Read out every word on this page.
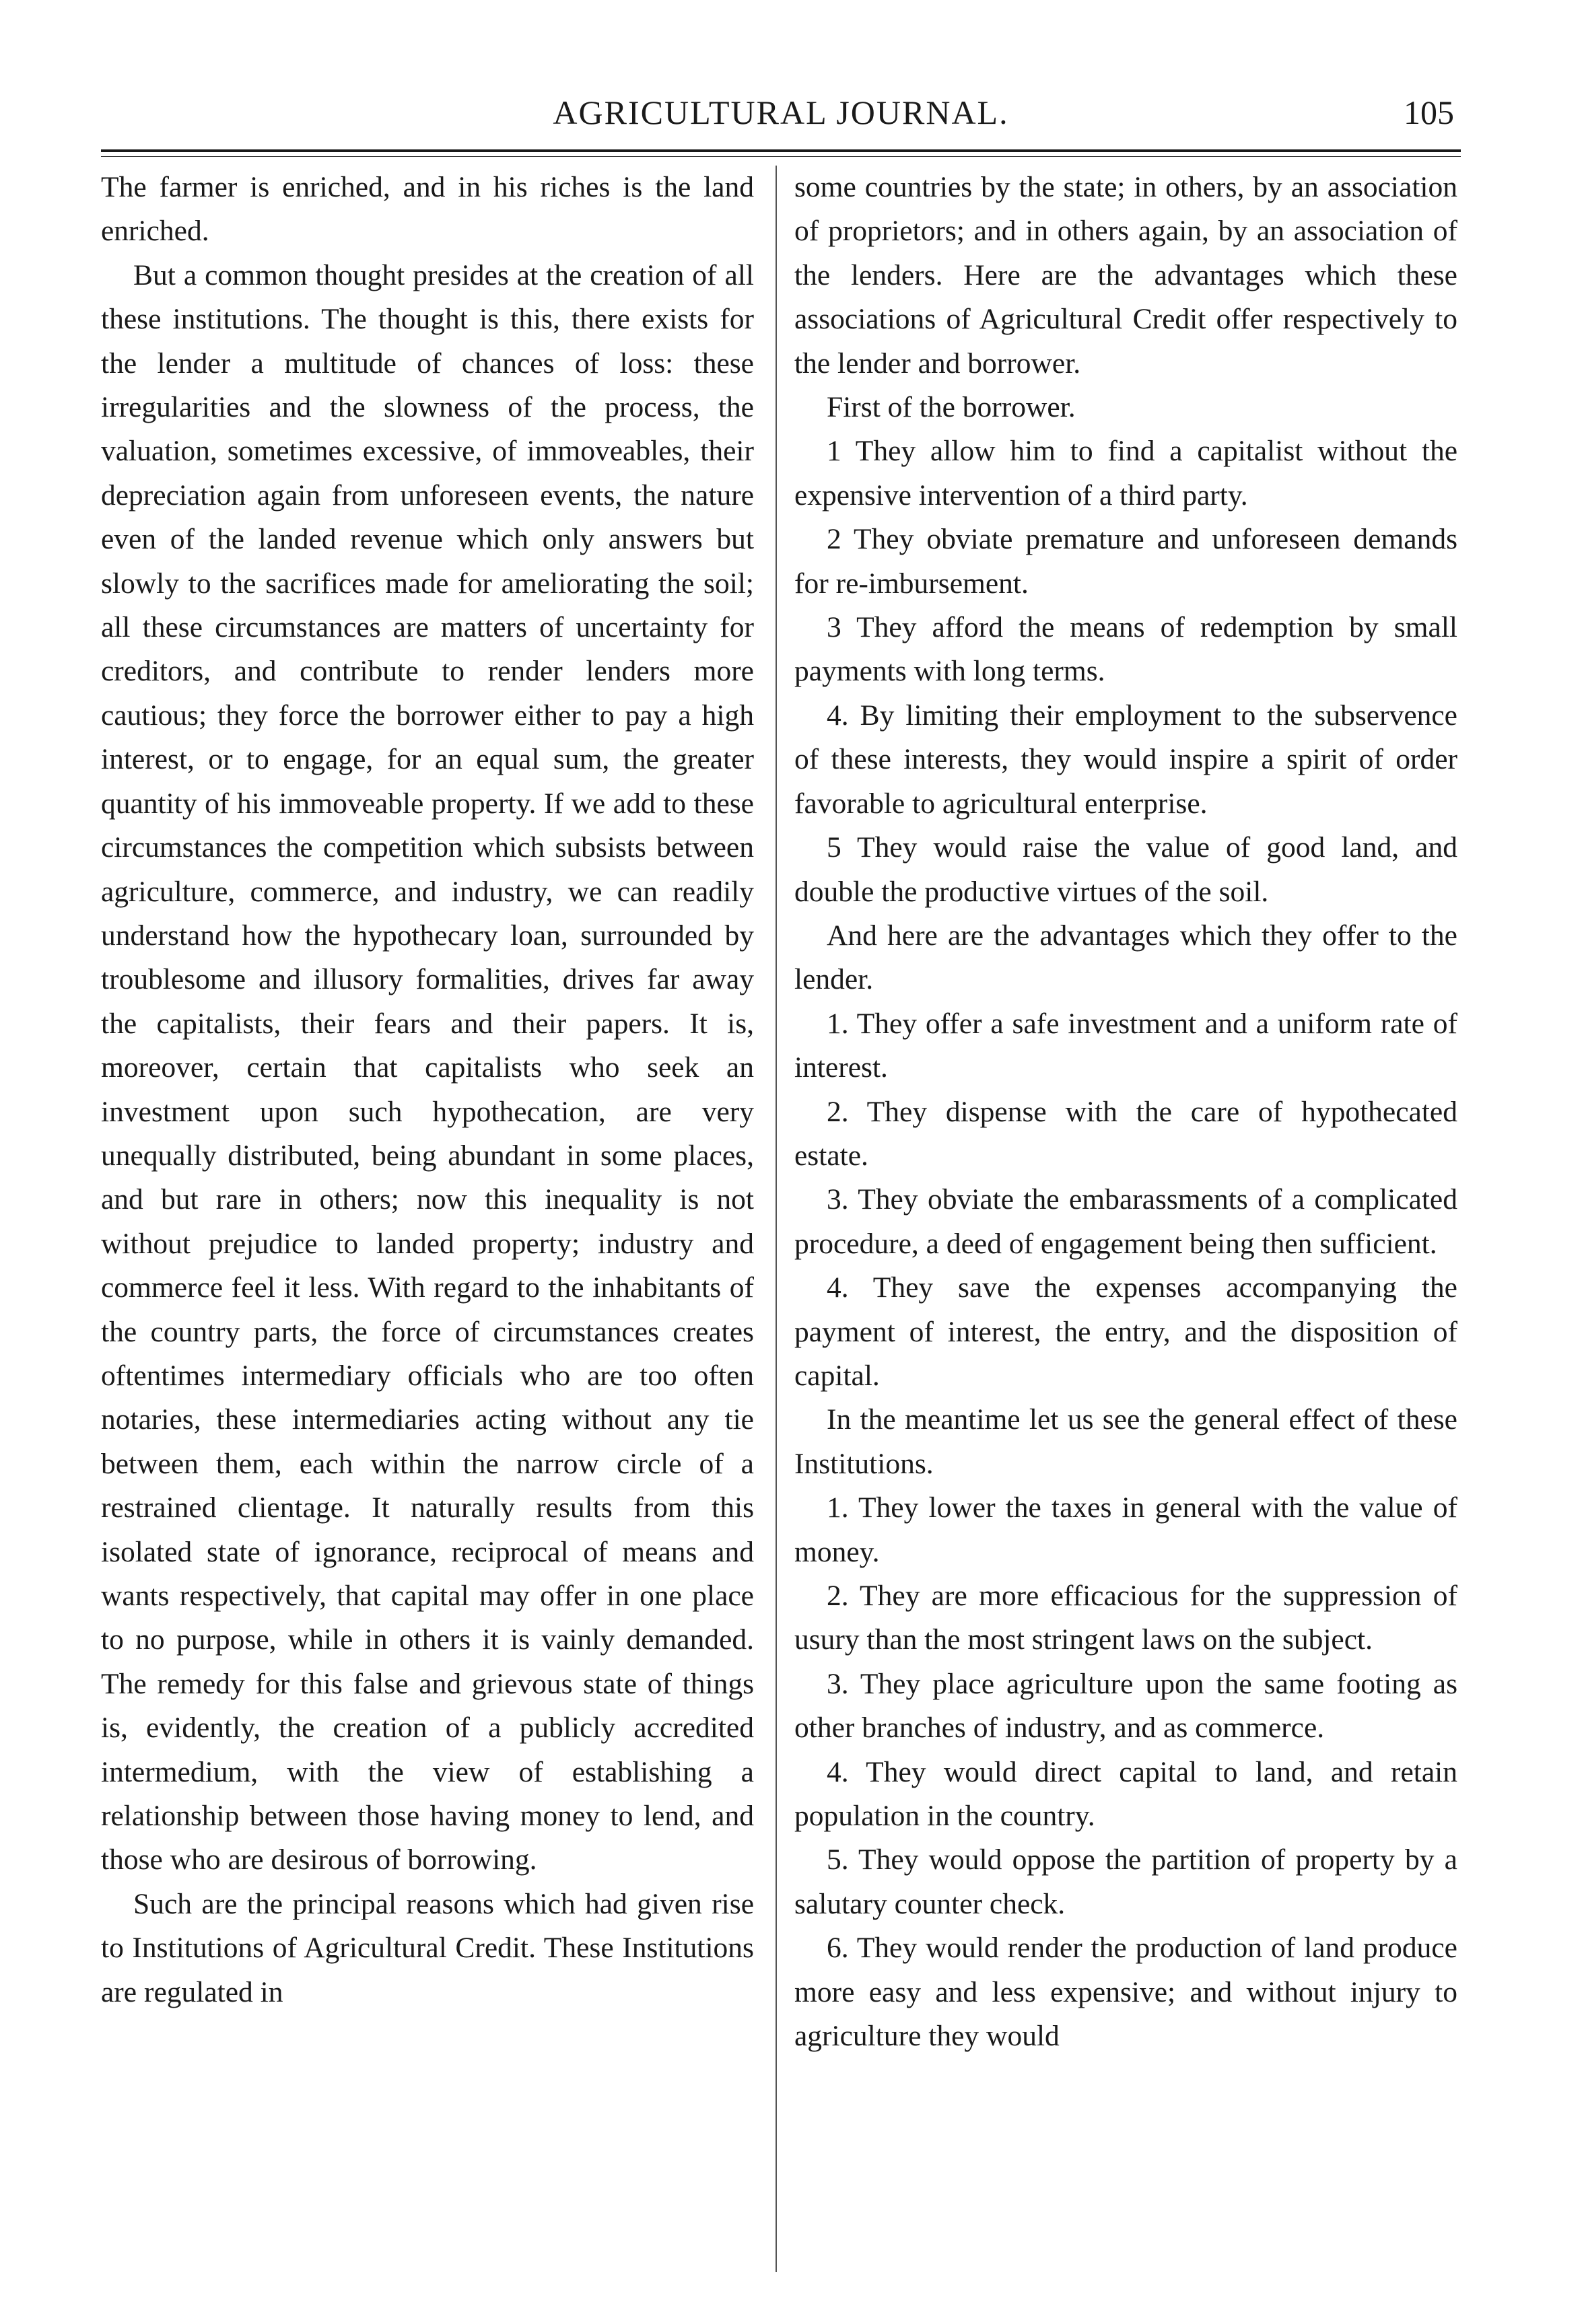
AGRICULTURAL JOURNAL.	105

The farmer is enriched, and in his riches is the land enriched.

But a common thought presides at the creation of all these institutions. The thought is this, there exists for the lender a multitude of chances of loss: these irregularities and the slowness of the process, the valuation, sometimes excessive, of immoveables, their depreciation again from unforeseen events, the nature even of the landed revenue which only answers but slowly to the sacrifices made for ameliorating the soil; all these circumstances are matters of uncertainty for creditors, and contribute to render lenders more cautious; they force the borrower either to pay a high interest, or to engage, for an equal sum, the greater quantity of his immoveable property. If we add to these circumstances the competition which subsists between agriculture, commerce, and industry, we can readily understand how the hypothecary loan, surrounded by troublesome and illusory formalities, drives far away the capitalists, their fears and their papers. It is, moreover, certain that capitalists who seek an investment upon such hypothecation, are very unequally distributed, being abundant in some places, and but rare in others; now this inequality is not without prejudice to landed property; industry and commerce feel it less. With regard to the inhabitants of the country parts, the force of circumstances creates oftentimes intermediary officials who are too often notaries, these intermediaries acting without any tie between them, each within the narrow circle of a restrained clientage. It naturally results from this isolated state of ignorance, reciprocal of means and wants respectively, that capital may offer in one place to no purpose, while in others it is vainly demanded. The remedy for this false and grievous state of things is, evidently, the creation of a publicly accredited intermedium, with the view of establishing a relationship between those having money to lend, and those who are desirous of borrowing.

Such are the principal reasons which had given rise to Institutions of Agricultural Credit. These Institutions are regulated in

some countries by the state; in others, by an association of proprietors; and in others again, by an association of the lenders. Here are the advantages which these associations of Agricultural Credit offer respectively to the lender and borrower.

First of the borrower.

1 They allow him to find a capitalist without the expensive intervention of a third party.

2 They obviate premature and unforeseen demands for re-imbursement.

3 They afford the means of redemption by small payments with long terms.

4. By limiting their employment to the subservence of these interests, they would inspire a spirit of order favorable to agricultural enterprise.

5 They would raise the value of good land, and double the productive virtues of the soil.

And here are the advantages which they offer to the lender.

1. They offer a safe investment and a uniform rate of interest.

2. They dispense with the care of hypothecated estate.

3. They obviate the embarassments of a complicated procedure, a deed of engagement being then sufficient.

4. They save the expenses accompanying the payment of interest, the entry, and the disposition of capital.

In the meantime let us see the general effect of these Institutions.

1. They lower the taxes in general with the value of money.

2. They are more efficacious for the suppression of usury than the most stringent laws on the subject.

3. They place agriculture upon the same footing as other branches of industry, and as commerce.

4. They would direct capital to land, and retain population in the country.

5. They would oppose the partition of property by a salutary counter check.

6. They would render the production of land produce more easy and less expensive; and without injury to agriculture they would
